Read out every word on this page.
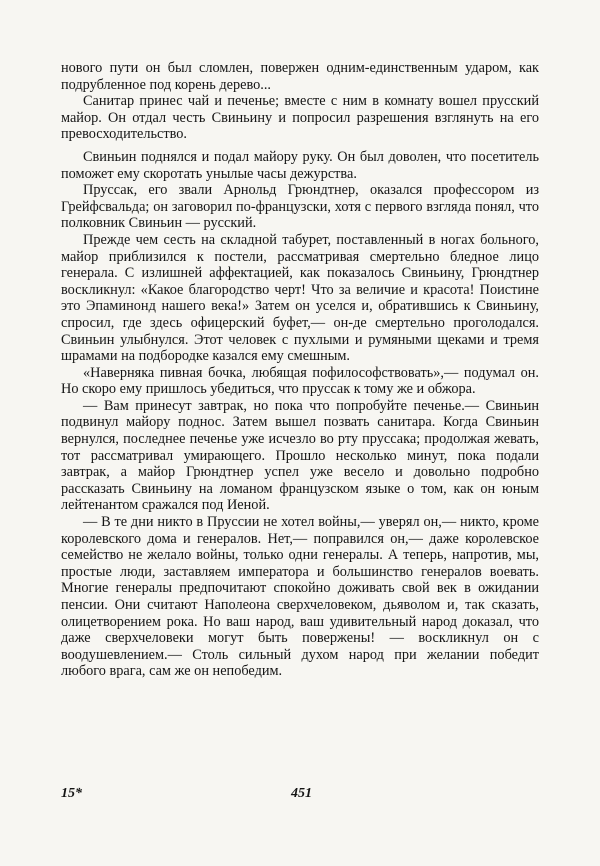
нового пути он был сломлен, повержен одним-единственным ударом, как подрубленное под корень дерево...

Санитар принес чай и печенье; вместе с ним в комнату вошел прусский майор. Он отдал честь Свиньину и попросил разрешения взглянуть на его превосходительство.

Свиньин поднялся и подал майору руку. Он был доволен, что посетитель поможет ему скоротать унылые часы дежурства.

Пруссак, его звали Арнольд Грюндтнер, оказался профессором из Грейфсвальда; он заговорил по-французски, хотя с первого взгляда понял, что полковник Свиньин — русский.

Прежде чем сесть на складной табурет, поставленный в ногах больного, майор приблизился к постели, рассматривая смертельно бледное лицо генерала. С излишней аффектацией, как показалось Свиньину, Грюндтнер воскликнул: «Какое благородство черт! Что за величие и красота! Поистине это Эпаминонд нашего века!» Затем он уселся и, обратившись к Свиньину, спросил, где здесь офицерский буфет,— он-де смертельно проголодался. Свиньин улыбнулся. Этот человек с пухлыми и румяными щеками и тремя шрамами на подбородке казался ему смешным.

«Наверняка пивная бочка, любящая пофилософствовать»,— подумал он. Но скоро ему пришлось убедиться, что пруссак к тому же и обжора.

— Вам принесут завтрак, но пока что попробуйте печенье.— Свиньин подвинул майору поднос. Затем вышел позвать санитара. Когда Свиньин вернулся, последнее печенье уже исчезло во рту пруссака; продолжая жевать, тот рассматривал умирающего. Прошло несколько минут, пока подали завтрак, а майор Грюндтнер успел уже весело и довольно подробно рассказать Свиньину на ломаном французском языке о том, как он юным лейтенантом сражался под Иеной.

— В те дни никто в Пруссии не хотел войны,— уверял он,— никто, кроме королевского дома и генералов. Нет,— поправился он,— даже королевское семейство не желало войны, только одни генералы. А теперь, напротив, мы, простые люди, заставляем императора и большинство генералов воевать. Многие генералы предпочитают спокойно доживать свой век в ожидании пенсии. Они считают Наполеона сверхчеловеком, дьяволом и, так сказать, олицетворением рока. Но ваш народ, ваш удивительный народ доказал, что даже сверхчеловеки могут быть повержены! — воскликнул он с воодушевлением.— Столь сильный духом народ при желании победит любого врага, сам же он непобедим.

15*	451
